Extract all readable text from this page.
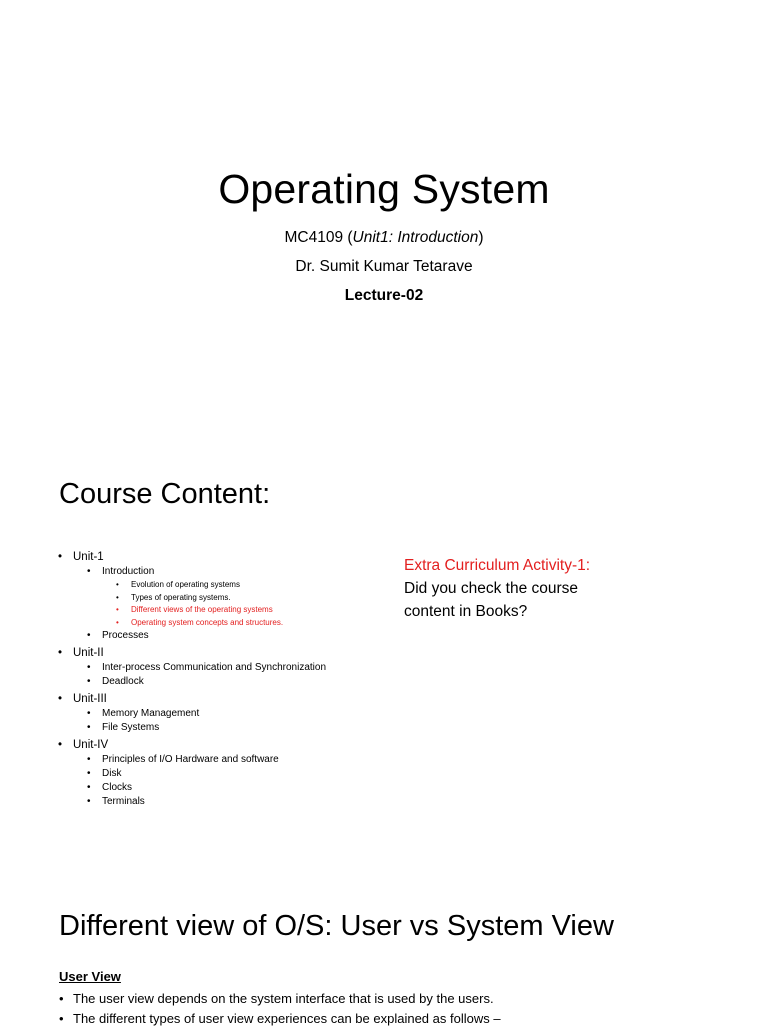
Operating System
MC4109 (Unit1: Introduction)
Dr. Sumit Kumar Tetarave
Lecture-02
Course Content:
• Unit-1
• Introduction
• Evolution of operating systems
• Types of operating systems.
• Different views of the operating systems
• Operating system concepts and structures.
• Processes
• Unit-II
• Inter-process Communication and Synchronization
• Deadlock
• Unit-III
• Memory Management
• File Systems
• Unit-IV
• Principles of I/O Hardware and software
• Disk
• Clocks
• Terminals
Extra Curriculum Activity-1:
Did you check the course
content in Books?
Different view of O/S: User vs System View
User View
• The user view depends on the system interface that is used by the users.
• The different types of user view experiences can be explained as follows –
